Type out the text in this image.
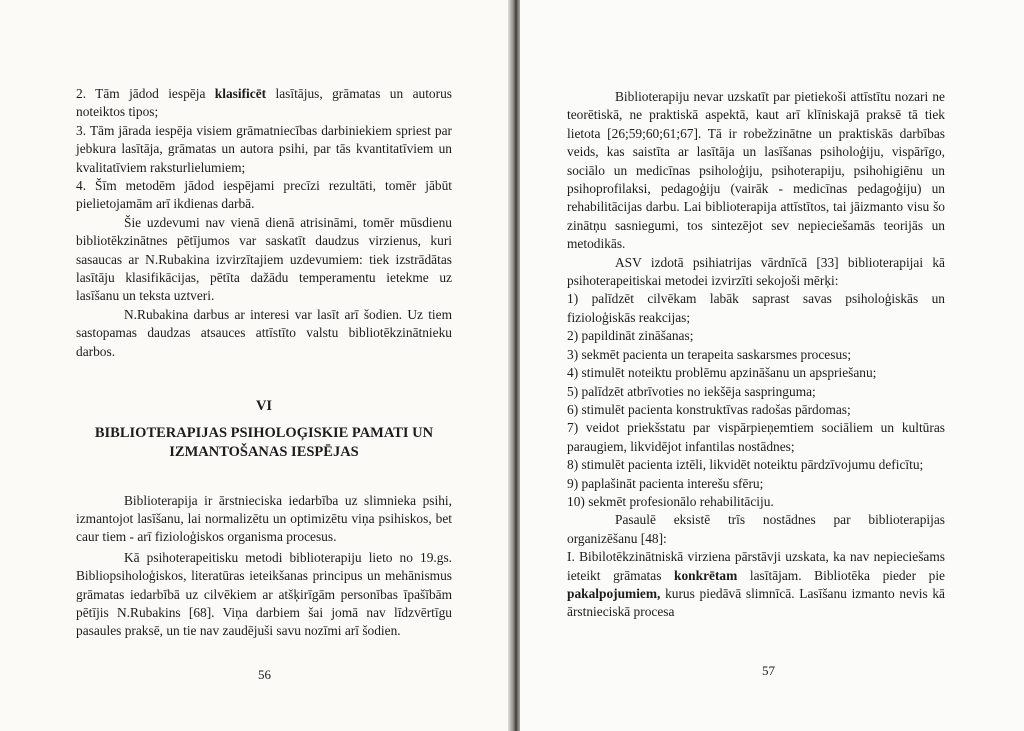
2. Tām jādod iespēja klasificēt lasītājus, grāmatas un autorus noteiktos tipos;

3. Tām jārada iespēja visiem grāmatniecības darbiniekiem spriest par jebkura lasītāja, grāmatas un autora psihi, par tās kvantitatīviem un kvalitatīviem raksturlielumiem;

4. Šīm metodēm jādod iespējami precīzi rezultāti, tomēr jābūt pielietojamām arī ikdienas darbā.

Šie uzdevumi nav vienā dienā atrisināmi, tomēr mūsdienu bibliotēkzinātnes pētījumos var saskatīt daudzus virzienus, kuri sasaucas ar N.Rubakina izvirzītajiem uzdevumiem: tiek izstrādātas lasītāju klasifikācijas, pētīta dažādu temperamentu ietekme uz lasīšanu un teksta uztveri.

N.Rubakina darbus ar interesi var lasīt arī šodien. Uz tiem sastopamas daudzas atsauces attīstīto valstu bibliotēkzinātnieku darbos.

VI
BIBLIOTERAPIJAS PSIHOLOĢISKIE PAMATI UN IZMANTOŠANAS IESPĒJAS

Biblioterapija ir ārstnieciska iedarbība uz slimnieka psihi, izmantojot lasīšanu, lai normalizētu un optimizētu viņa psihiskos, bet caur tiem - arī fizioloģiskos organisma procesus.

Kā psihoterapeitisku metodi biblioterapiju lieto no 19.gs. Bibliopsiholoģiskos, literatūras ieteikšanas principus un mehānismus grāmatas iedarbībā uz cilvēkiem ar atšķirīgām personības īpašībām pētījis N.Rubakins [68]. Viņa darbiem šai jomā nav līdzvērtīgu pasaules praksē, un tie nav zaudējuši savu nozīmi arī šodien.

56

Biblioterapiju nevar uzskatīt par pietiekoši attīstītu nozari ne teorētiskā, ne praktiskā aspektā, kaut arī klīniskajā praksē tā tiek lietota [26;59;60;61;67]. Tā ir robežzinātne un praktiskās darbības veids, kas saistīta ar lasītāja un lasīšanas psiholoģiju, vispārīgo, sociālo un medicīnas psiholoģiju, psihoterapiju, psihohigiēnu un psihoprofilaksi, pedagoģiju (vairāk - medicīnas pedagoģiju) un rehabilitācijas darbu. Lai biblioterapija attīstītos, tai jāizmanto visu šo zinātņu sasniegumi, tos sintezējot sev nepieciešamās teorijās un metodikās.

ASV izdotā psihiatrijas vārdnīcā [33] biblioterapijai kā psihoterapeitiskai metodei izvirzīti sekojoši mērķi:

1) palīdzēt cilvēkam labāk saprast savas psiholoģiskās un fizioloģiskās reakcijas;

2) papildināt zināšanas;

3) sekmēt pacienta un terapeita saskarsmes procesus;

4) stimulēt noteiktu problēmu apzināšanu un apspriešanu;

5) palīdzēt atbrīvoties no iekšēja saspringuma;

6) stimulēt pacienta konstruktīvas radošas pārdomas;

7) veidot priekšstatu par vispārpieņemtiem sociāliem un kultūras paraugiem, likvidējot infantilas nostādnes;

8) stimulēt pacienta iztēli, likvidēt noteiktu pārdzīvojumu deficītu;

9) paplašināt pacienta interešu sfēru;

10) sekmēt profesionālo rehabilitāciju.

Pasaulē eksistē trīs nostādnes par biblioterapijas organizēšanu [48]:

I. Bibilotēkzinātniskā virziena pārstāvji uzskata, ka nav nepieciešams ieteikt grāmatas konkrētam lasītājam. Bibliotēka pieder pie pakalpojumiem, kurus piedāvā slimnīcā. Lasīšanu izmanto nevis kā ārstnieciskā procesa

57
